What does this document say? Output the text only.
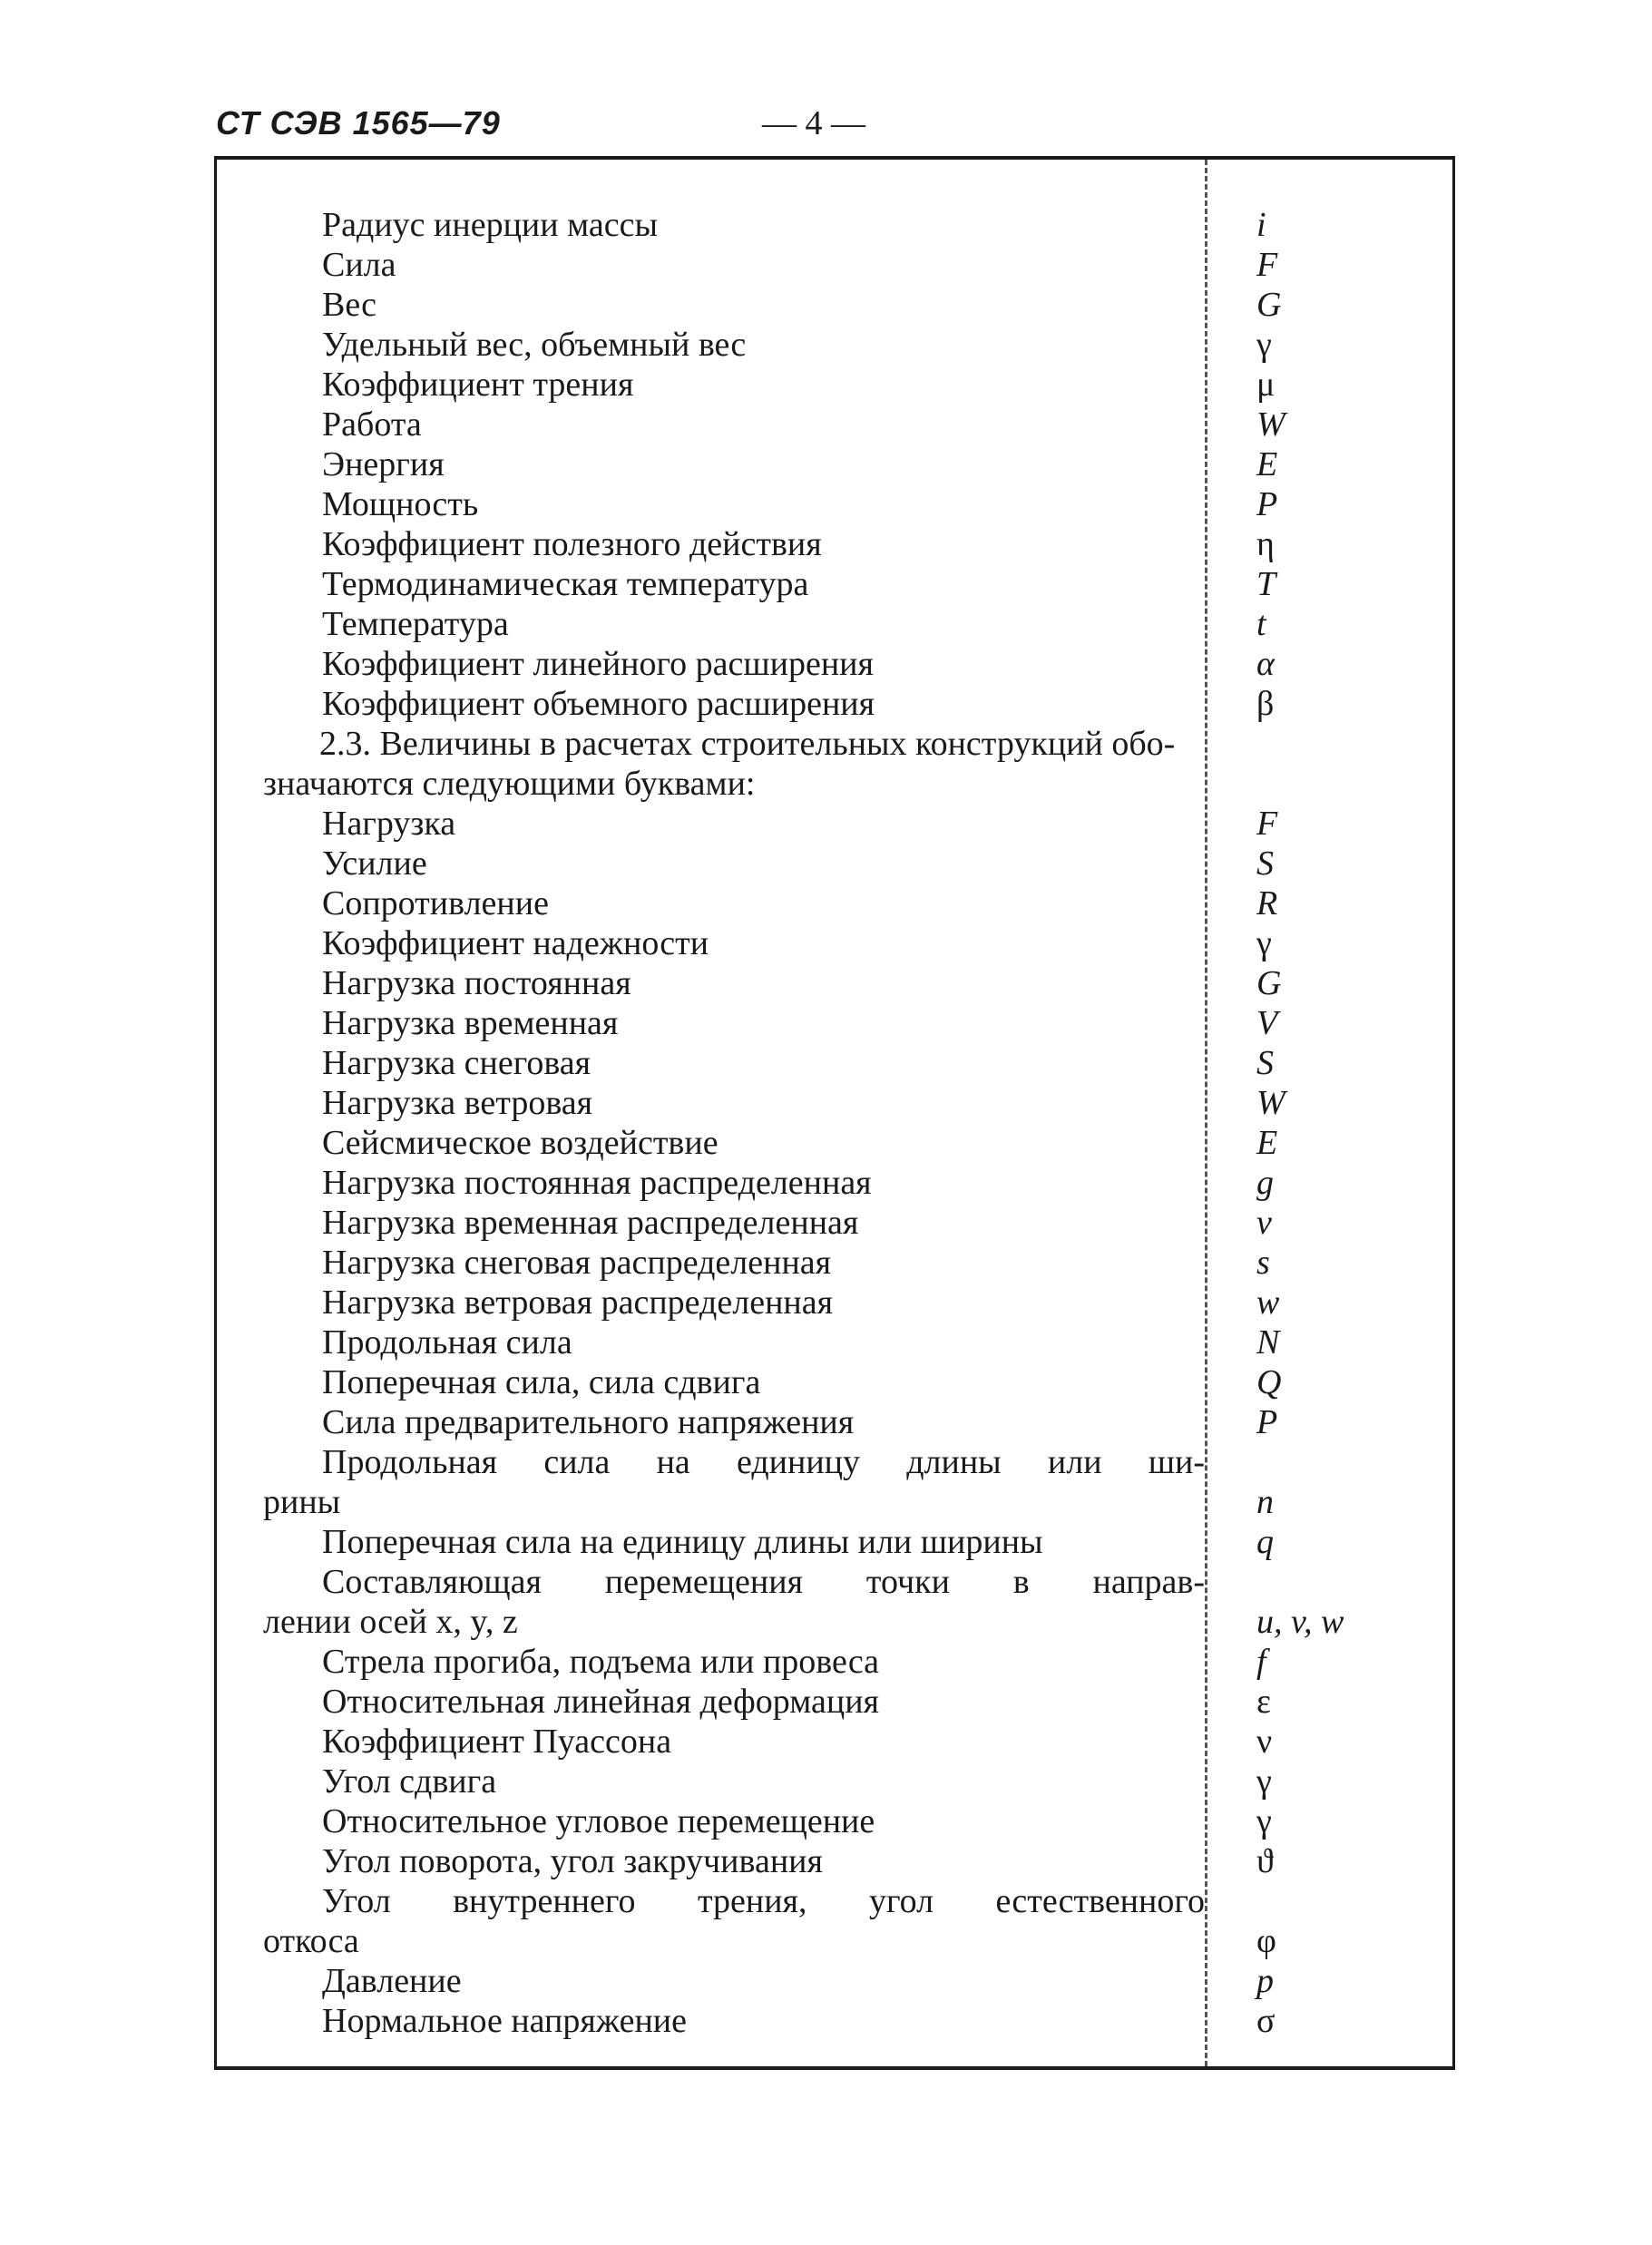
СТ СЭВ 1565—79	— 4 —
Радиус инерции массы	i
Сила	F
Вес	G
Удельный вес, объемный вес	γ
Коэффициент трения	μ
Работа	W
Энергия	E
Мощность	P
Коэффициент полезного действия	η
Термодинамическая температура	T
Температура	t
Коэффициент линейного расширения	α
Коэффициент объемного расширения	β
2.3. Величины в расчетах строительных конструкций обо-
значаются следующими буквами:
Нагрузка	F
Усилие	S
Сопротивление	R
Коэффициент надежности	γ
Нагрузка постоянная	G
Нагрузка временная	V
Нагрузка снеговая	S
Нагрузка ветровая	W
Сейсмическое воздействие	E
Нагрузка постоянная распределенная	g
Нагрузка временная распределенная	v
Нагрузка снеговая распределенная	s
Нагрузка ветровая распределенная	w
Продольная сила	N
Поперечная сила, сила сдвига	Q
Сила предварительного напряжения	P
Продольная сила на единицу длины или ши-
рины	n
Поперечная сила на единицу длины или ширины	q
Составляющая перемещения точки в направ-
лении осей x, y, z	u, v, w
Стрела прогиба, подъема или провеса	f
Относительная линейная деформация	ε
Коэффициент Пуассона	ν
Угол сдвига	γ
Относительное угловое перемещение	γ
Угол поворота, угол закручивания	ϑ
Угол внутреннего трения, угол естественного
откоса	φ
Давление	p
Нормальное напряжение	σ
